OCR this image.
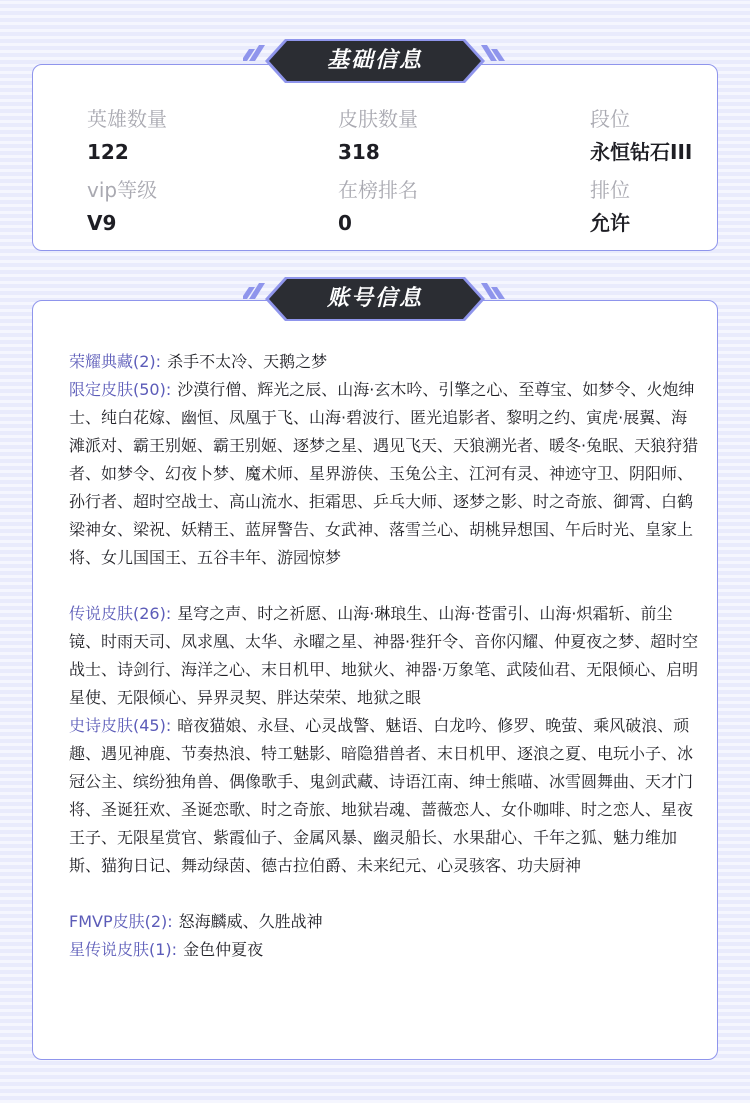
英雄数量
122
皮肤数量
318
段位
永恒钻石III
vip等级
V9
在榜排名
0
排位
允许
基础信息

荣耀典藏(2): 杀手不太冷、天鹅之梦

限定皮肤(50): 沙漠行僧、辉光之辰、山海·玄木吟、引擎之心、至尊宝、如梦令、火炮绅士、纯白花嫁、幽恒、凤凰于飞、山海·碧波行、匿光追影者、黎明之约、寅虎·展翼、海滩派对、霸王别姬、霸王别姬、逐梦之星、遇见飞天、天狼溯光者、暖冬·兔眠、天狼狩猎者、如梦令、幻夜卜梦、魔术师、星界游侠、玉兔公主、江河有灵、神迹守卫、阴阳师、孙行者、超时空战士、高山流水、拒霜思、乒乓大师、逐梦之影、时之奇旅、御霄、白鹤梁神女、梁祝、妖精王、蓝屏警告、女武神、落雪兰心、胡桃异想国、午后时光、皇家上将、女儿国国王、五谷丰年、游园惊梦

传说皮肤(26): 星穹之声、时之祈愿、山海·琳琅生、山海·苍雷引、山海·炽霜斩、前尘镜、时雨天司、凤求凰、太华、永曜之星、神器·狴犴令、音你闪耀、仲夏夜之梦、超时空战士、诗剑行、海洋之心、末日机甲、地狱火、神器·万象笔、武陵仙君、无限倾心、启明星使、无限倾心、异界灵契、胖达荣荣、地狱之眼

史诗皮肤(45): 暗夜猫娘、永昼、心灵战警、魅语、白龙吟、修罗、晚萤、乘风破浪、顽趣、遇见神鹿、节奏热浪、特工魅影、暗隐猎兽者、末日机甲、逐浪之夏、电玩小子、冰冠公主、缤纷独角兽、偶像歌手、鬼剑武藏、诗语江南、绅士熊喵、冰雪圆舞曲、天才门将、圣诞狂欢、圣诞恋歌、时之奇旅、地狱岩魂、蔷薇恋人、女仆咖啡、时之恋人、星夜王子、无限星赏官、紫霞仙子、金属风暴、幽灵船长、水果甜心、千年之狐、魅力维加斯、猫狗日记、舞动绿茵、德古拉伯爵、未来纪元、心灵骇客、功夫厨神

FMVP皮肤(2): 怒海麟威、久胜战神

星传说皮肤(1): 金色仲夏夜

账号信息
